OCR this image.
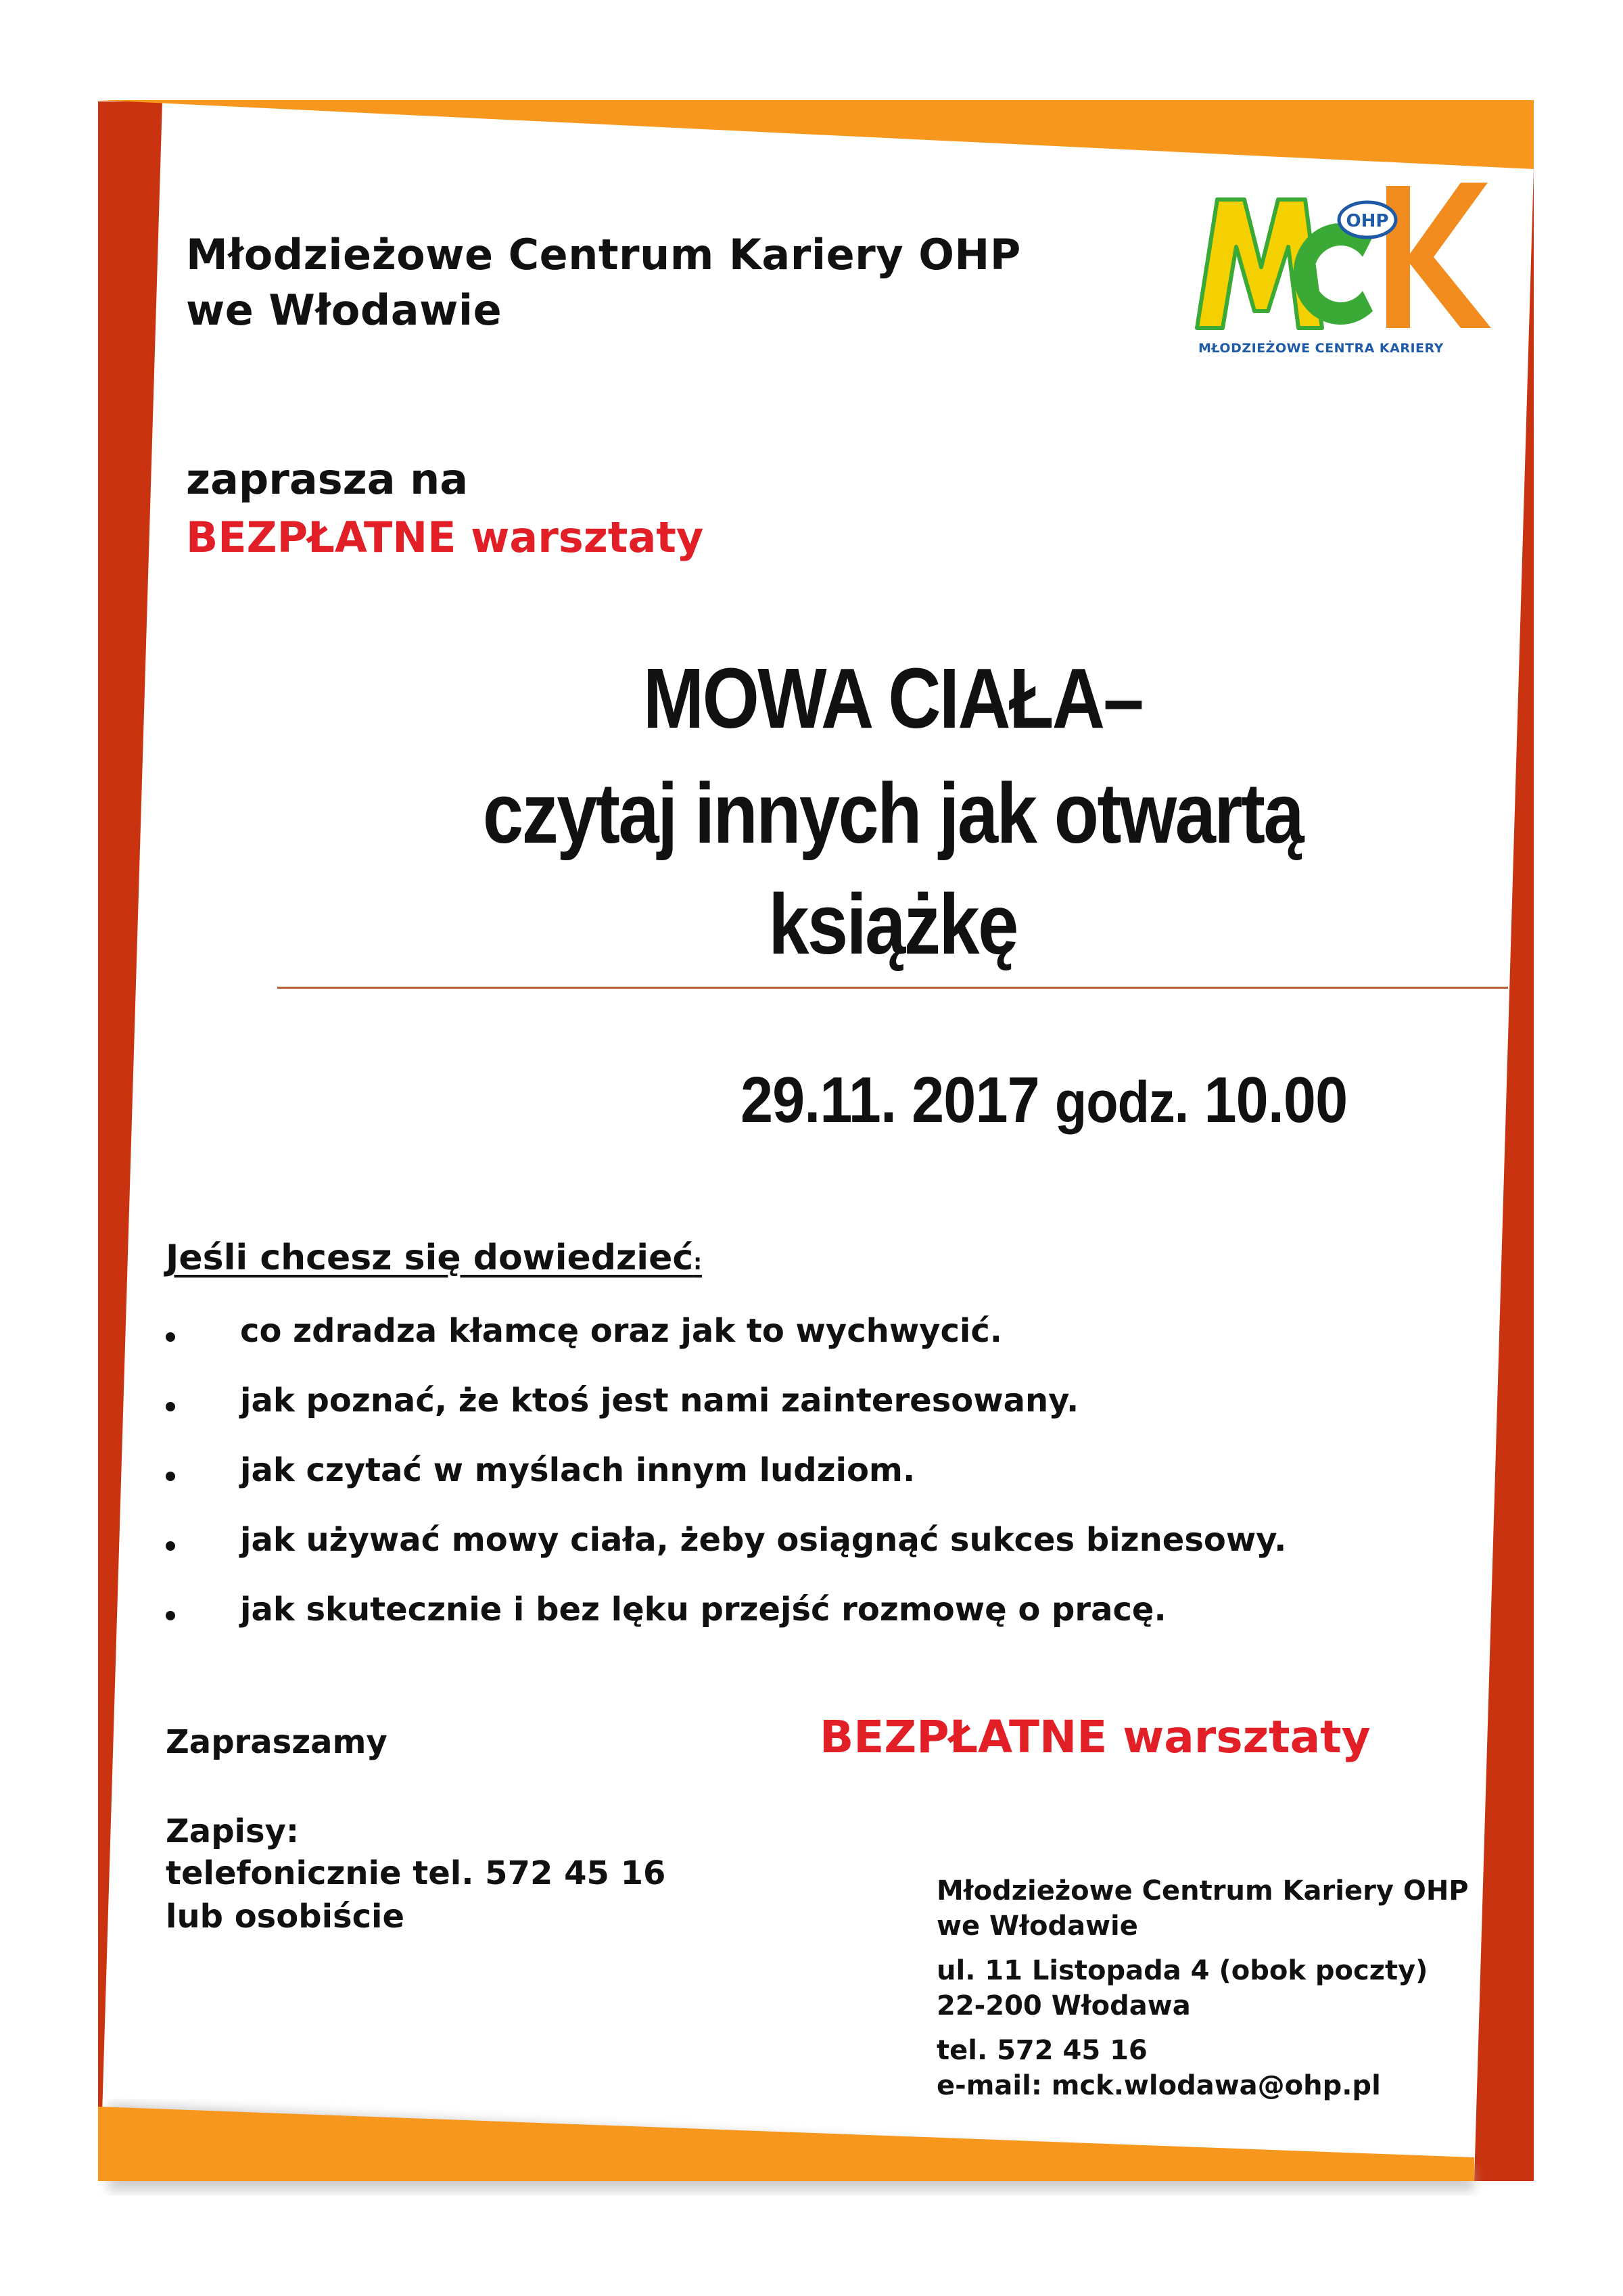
Młodzieżowe Centrum Kariery OHP
we Włodawie
OHP
MŁODZIEŻOWE CENTRA KARIERY
zaprasza na
BEZPŁATNE warsztaty
MOWA CIAŁA–
czytaj innych jak otwartą
książkę
29.11. 2017 godz. 10.00
Jeśli chcesz się dowiedzieć:
co zdradza kłamcę oraz jak to wychwycić.
jak poznać, że ktoś jest nami zainteresowany.
jak czytać w myślach innym ludziom.
jak używać mowy ciała, żeby osiągnąć sukces biznesowy.
jak skutecznie i bez lęku przejść rozmowę o pracę.
Zapraszamy	BEZPŁATNE warsztaty
Zapisy:
telefonicznie tel. 572 45 16
lub osobiście
Młodzieżowe Centrum Kariery OHP
we Włodawie
ul. 11 Listopada 4 (obok poczty)
22-200 Włodawa
tel. 572 45 16
e-mail: mck.wlodawa@ohp.pl
